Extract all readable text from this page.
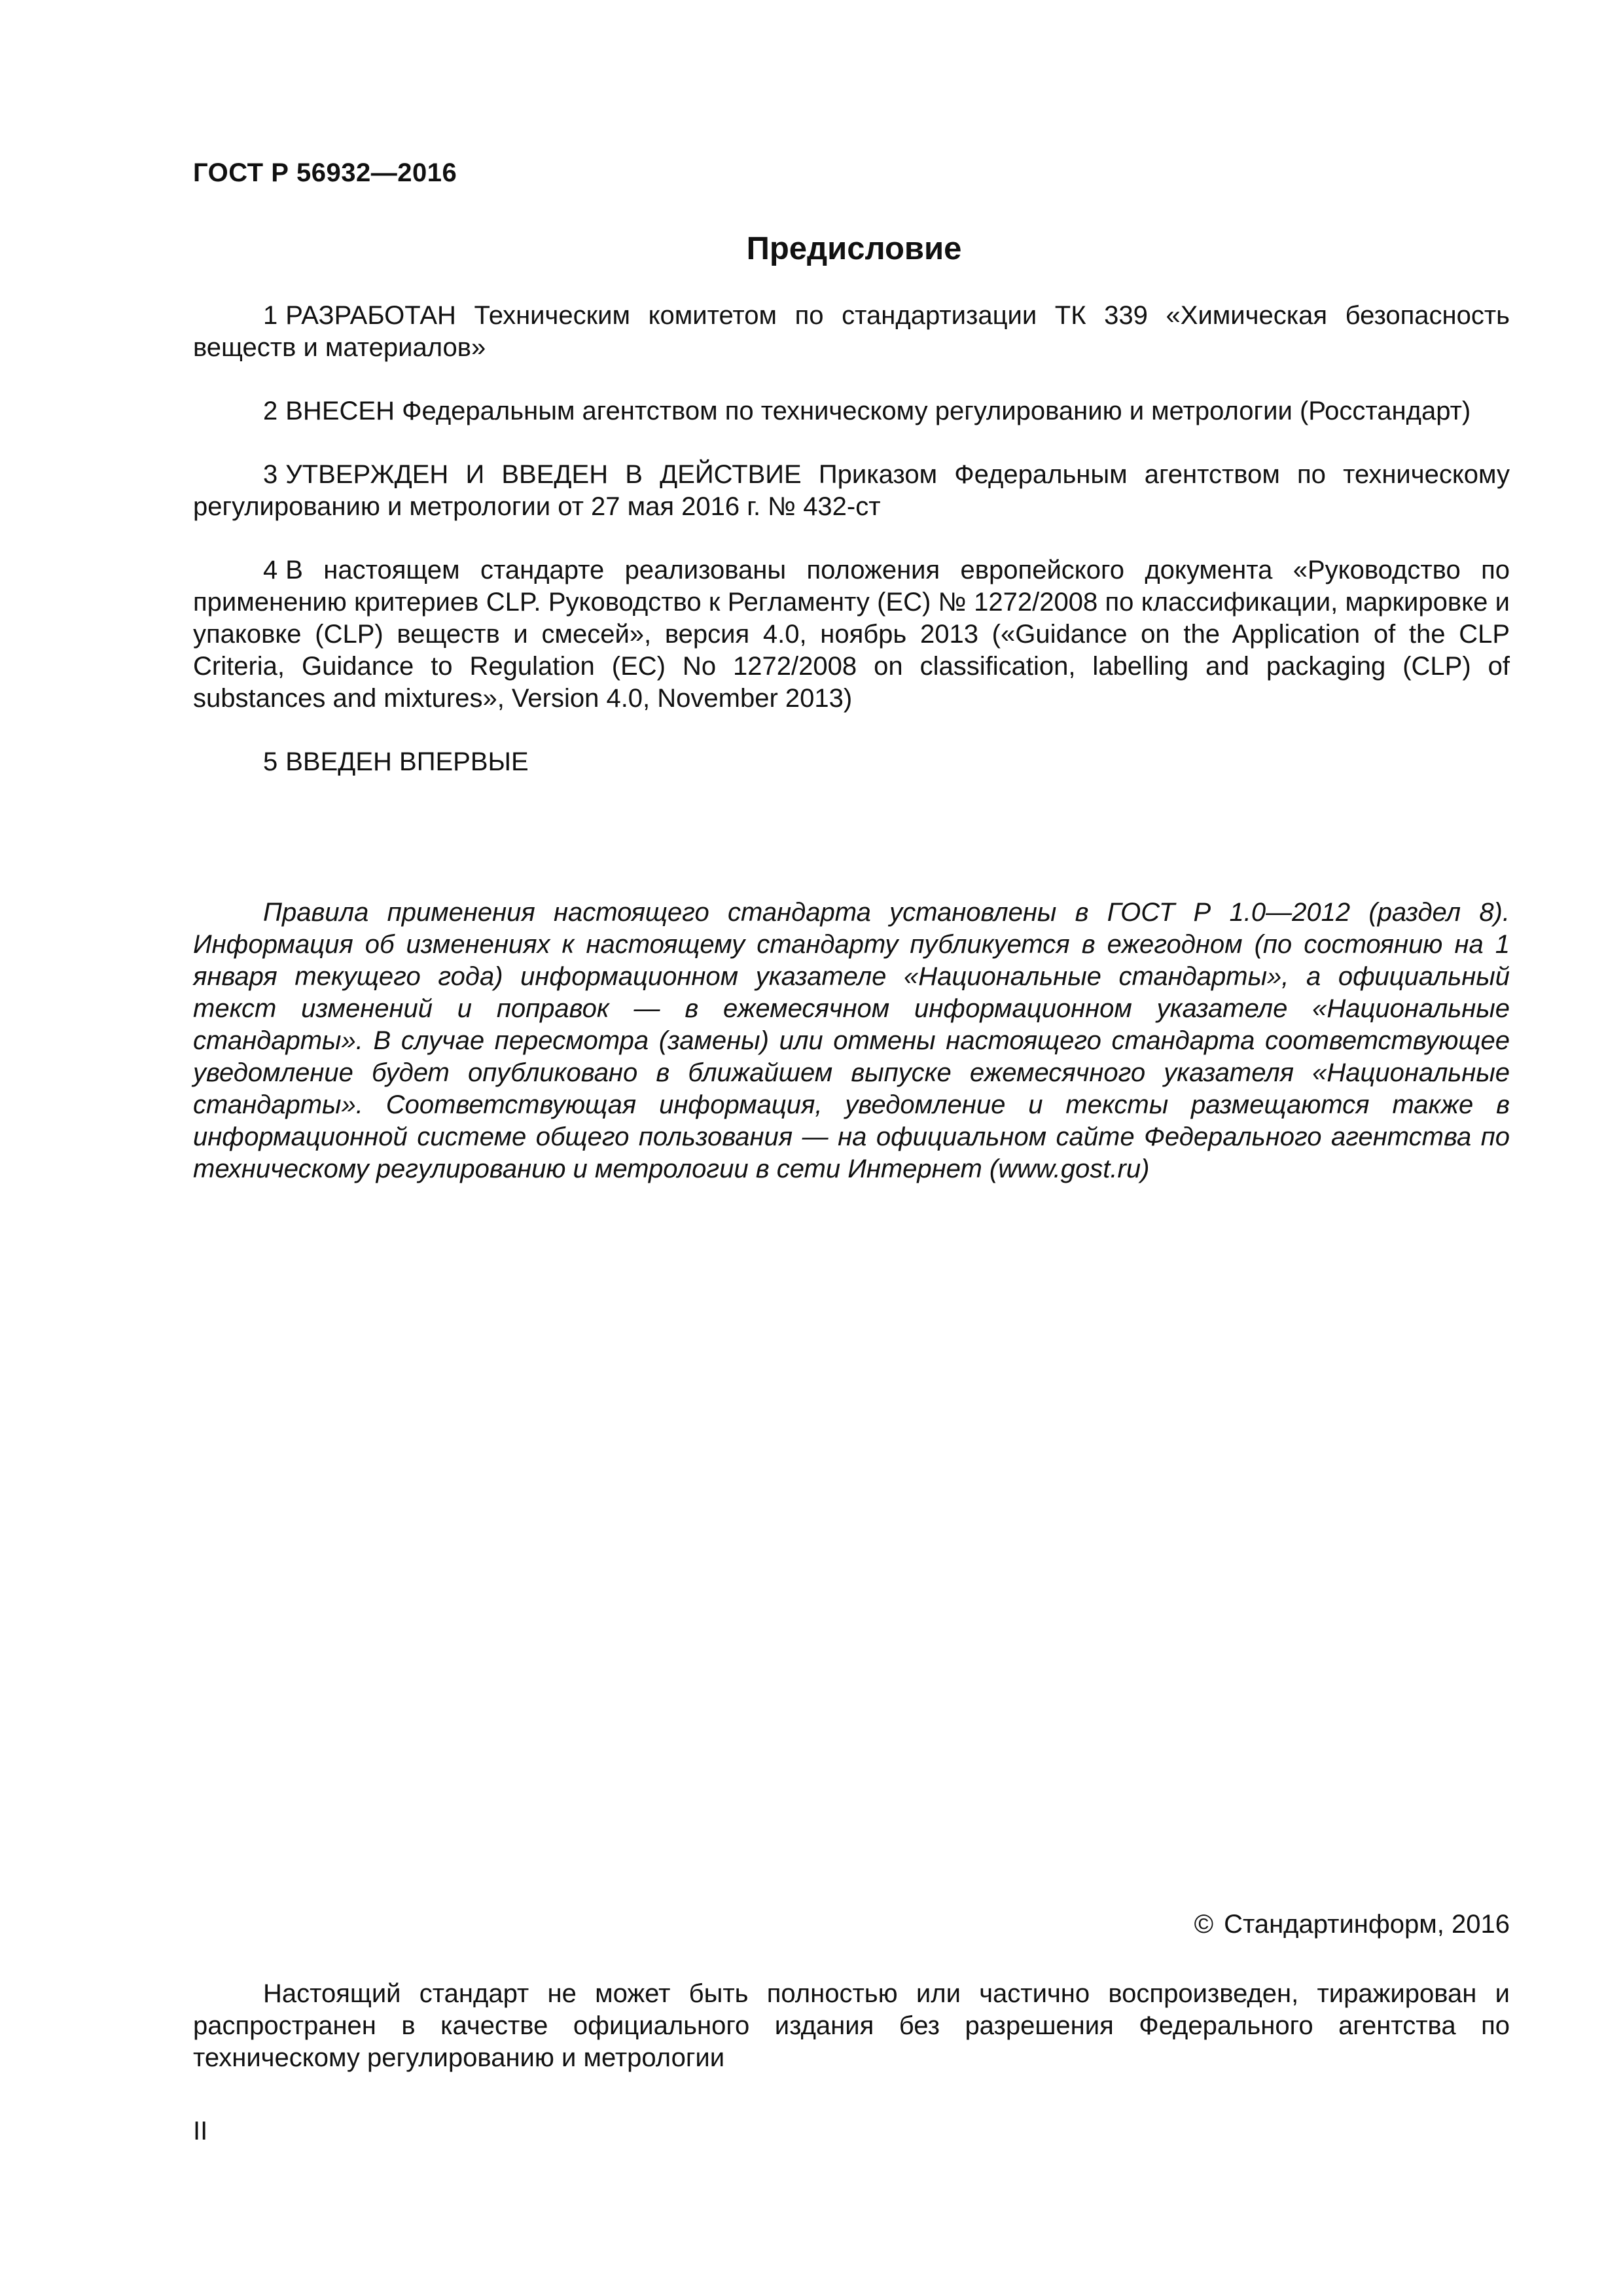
ГОСТ Р 56932—2016
Предисловие

1 РАЗРАБОТАН Техническим комитетом по стандартизации ТК 339 «Химическая безопасность веществ и материалов»

2 ВНЕСЕН Федеральным агентством по техническому регулированию и метрологии (Росстандарт)

3 УТВЕРЖДЕН И ВВЕДЕН В ДЕЙСТВИЕ Приказом Федеральным агентством по техническому регулированию и метрологии от 27 мая 2016 г. № 432-ст

4 В настоящем стандарте реализованы положения европейского документа «Руководство по применению критериев CLP. Руководство к Регламенту (ЕС) № 1272/2008 по классификации, маркировке и упаковке (CLP) веществ и смесей», версия 4.0, ноябрь 2013 («Guidance on the Application of the CLP Criteria, Guidance to Regulation (EC) No 1272/2008 on classification, labelling and packaging (CLP) of substances and mixtures», Version 4.0, November 2013)

5 ВВЕДЕН ВПЕРВЫЕ

Правила применения настоящего стандарта установлены в ГОСТ Р 1.0—2012 (раздел 8). Информация об изменениях к настоящему стандарту публикуется в ежегодном (по состоянию на 1 января текущего года) информационном указателе «Национальные стандарты», а официальный текст изменений и поправок — в ежемесячном информационном указателе «Национальные стандарты». В случае пересмотра (замены) или отмены настоящего стандарта соответствующее уведомление будет опубликовано в ближайшем выпуске ежемесячного указателя «Национальные стандарты». Соответствующая информация, уведомление и тексты размещаются также в информационной системе общего пользования — на официальном сайте Федерального агентства по техническому регулированию и метрологии в сети Интернет (www.gost.ru)

© Стандартинформ, 2016

Настоящий стандарт не может быть полностью или частично воспроизведен, тиражирован и распространен в качестве официального издания без разрешения Федерального агентства по техническому регулированию и метрологии

II
